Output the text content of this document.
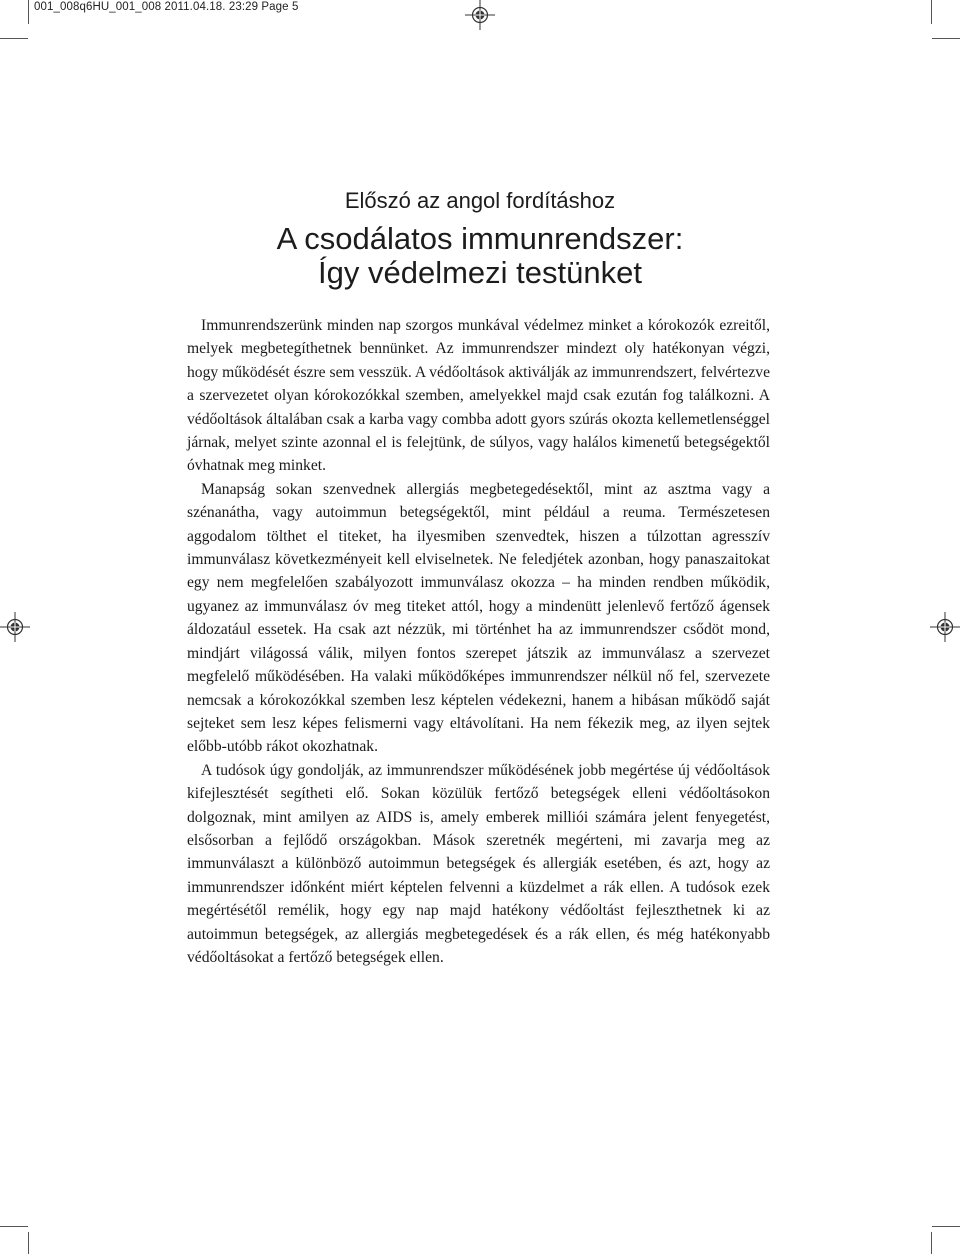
001_008q6HU_001_008 2011.04.18. 23:29 Page 5
Előszó az angol fordításhoz
A csodálatos immunrendszer:
Így védelmezi testünket

Immunrendszerünk minden nap szorgos munkával védelmez minket a kórokozók ezreitől, melyek megbetegíthetnek bennünket. Az immunrendszer mindezt oly hatékonyan végzi, hogy működését észre sem vesszük. A védőoltások aktiválják az immunrendszert, felvértezve a szervezetet olyan kórokozókkal szemben, amelyekkel majd csak ezután fog találkozni. A védőoltások általában csak a karba vagy combba adott gyors szúrás okozta kellemetlenséggel járnak, melyet szinte azonnal el is felejtünk, de súlyos, vagy halálos kimenetű betegségektől óvhatnak meg minket.

Manapság sokan szenvednek allergiás megbetegedésektől, mint az asztma vagy a szénanátha, vagy autoimmun betegségektől, mint például a reuma. Természetesen aggodalom tölthet el titeket, ha ilyesmiben szenvedtek, hiszen a túlzottan agresszív immunválasz következményeit kell elviselnetek. Ne feledjétek azonban, hogy panaszaitokat egy nem megfelelően szabályozott immunválasz okozza – ha minden rendben működik, ugyanez az immunválasz óv meg titeket attól, hogy a mindenütt jelenlevő fertőző ágensek áldozatául essetek. Ha csak azt nézzük, mi történhet ha az immunrendszer csődöt mond, mindjárt világossá válik, milyen fontos szerepet játszik az immunválasz a szervezet megfelelő működésében. Ha valaki működőképes immunrendszer nélkül nő fel, szervezete nemcsak a kórokozókkal szemben lesz képtelen védekezni, hanem a hibásan működő saját sejteket sem lesz képes felismerni vagy eltávolítani. Ha nem fékezik meg, az ilyen sejtek előbb-utóbb rákot okozhatnak.

A tudósok úgy gondolják, az immunrendszer működésének jobb megértése új védőoltások kifejlesztését segítheti elő. Sokan közülük fertőző betegségek elleni védőoltásokon dolgoznak, mint amilyen az AIDS is, amely emberek milliói számára jelent fenyegetést, elsősorban a fejlődő országokban. Mások szeretnék megérteni, mi zavarja meg az immunválaszt a különböző autoimmun betegségek és allergiák esetében, és azt, hogy az immunrendszer időnként miért képtelen felvenni a küzdelmet a rák ellen. A tudósok ezek megértésétől remélik, hogy egy nap majd hatékony védőoltást fejleszthetnek ki az autoimmun betegségek, az allergiás megbetegedések és a rák ellen, és még hatékonyabb védőoltásokat a fertőző betegségek ellen.
